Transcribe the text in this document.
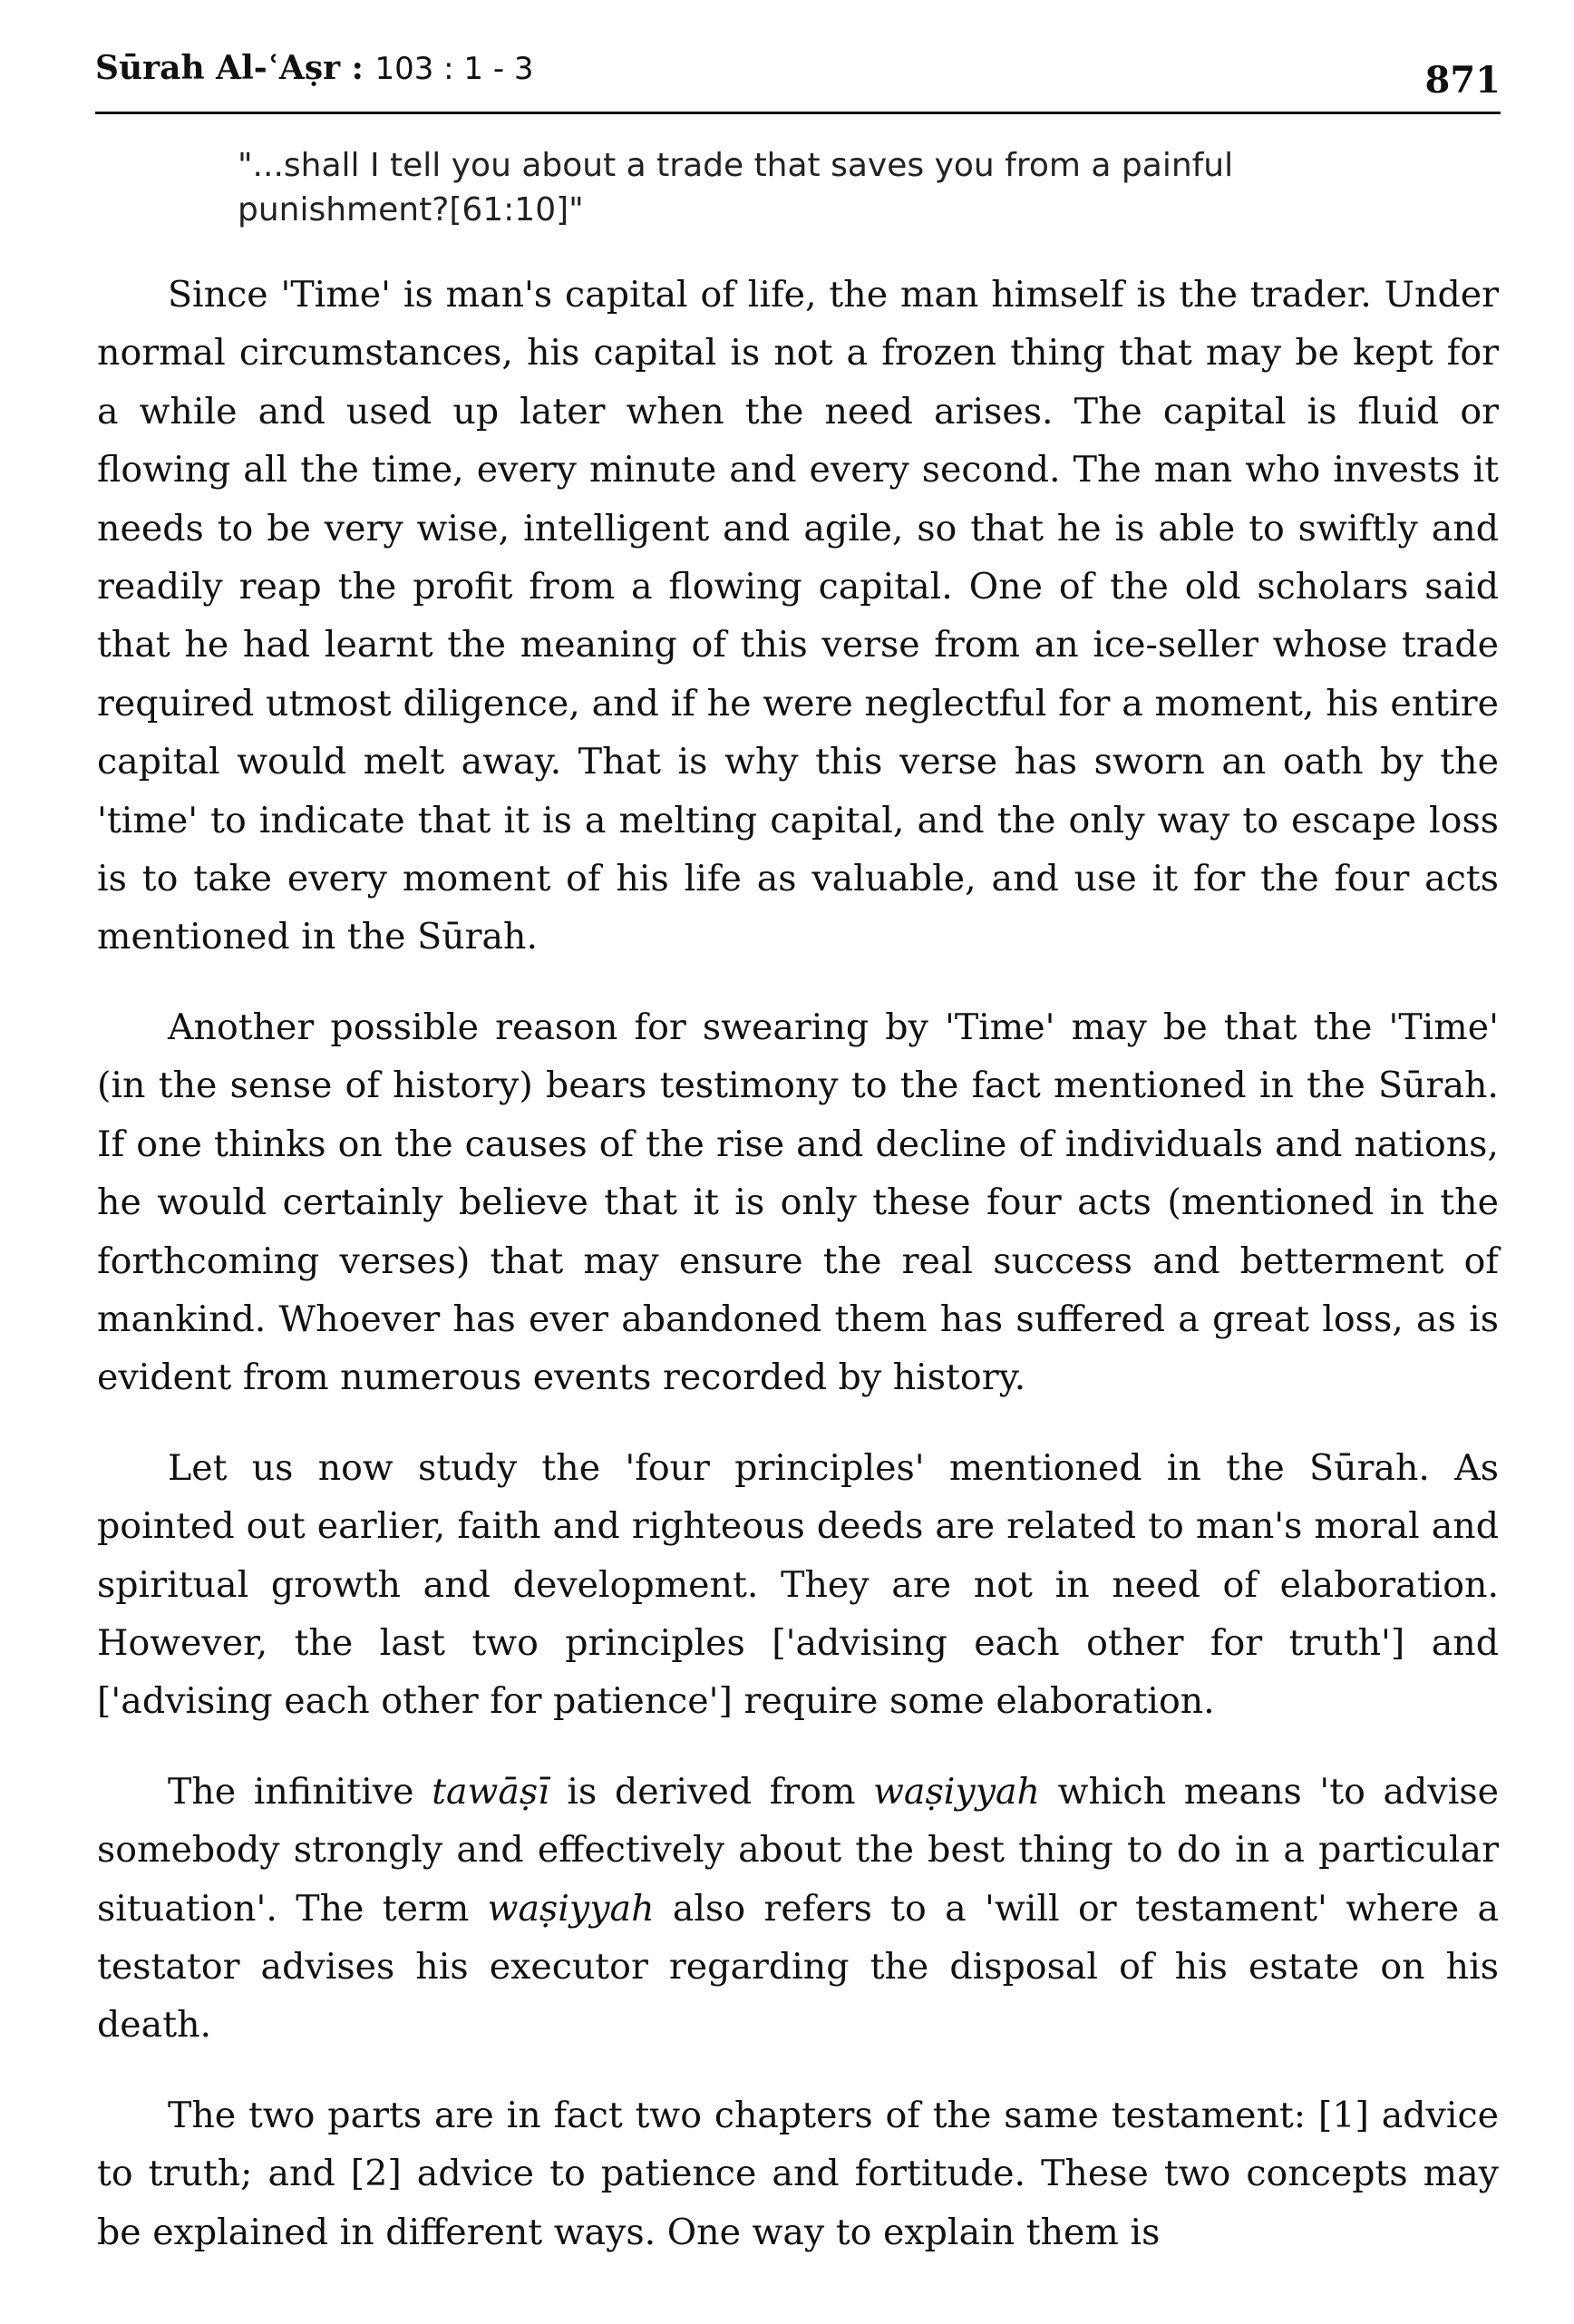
Sūrah Al-ʿAṣr : 103 : 1 - 3	871
"...shall I tell you about a trade that saves you from a painful punishment?[61:10]"

Since 'Time' is man's capital of life, the man himself is the trader. Under normal circumstances, his capital is not a frozen thing that may be kept for a while and used up later when the need arises. The capital is fluid or flowing all the time, every minute and every second. The man who invests it needs to be very wise, intelligent and agile, so that he is able to swiftly and readily reap the profit from a flowing capital. One of the old scholars said that he had learnt the meaning of this verse from an ice-seller whose trade required utmost diligence, and if he were neglectful for a moment, his entire capital would melt away. That is why this verse has sworn an oath by the 'time' to indicate that it is a melting capital, and the only way to escape loss is to take every moment of his life as valuable, and use it for the four acts mentioned in the Sūrah.

Another possible reason for swearing by 'Time' may be that the 'Time' (in the sense of history) bears testimony to the fact mentioned in the Sūrah. If one thinks on the causes of the rise and decline of individuals and nations, he would certainly believe that it is only these four acts (mentioned in the forthcoming verses) that may ensure the real success and betterment of mankind. Whoever has ever abandoned them has suffered a great loss, as is evident from numerous events recorded by history.

Let us now study the 'four principles' mentioned in the Sūrah. As pointed out earlier, faith and righteous deeds are related to man's moral and spiritual growth and development. They are not in need of elaboration. However, the last two principles ['advising each other for truth'] and ['advising each other for patience'] require some elaboration.

The infinitive tawāṣī is derived from waṣiyyah which means 'to advise somebody strongly and effectively about the best thing to do in a particular situation'. The term waṣiyyah also refers to a 'will or testament' where a testator advises his executor regarding the disposal of his estate on his death.

The two parts are in fact two chapters of the same testament: [1] advice to truth; and [2] advice to patience and fortitude. These two concepts may be explained in different ways. One way to explain them is
